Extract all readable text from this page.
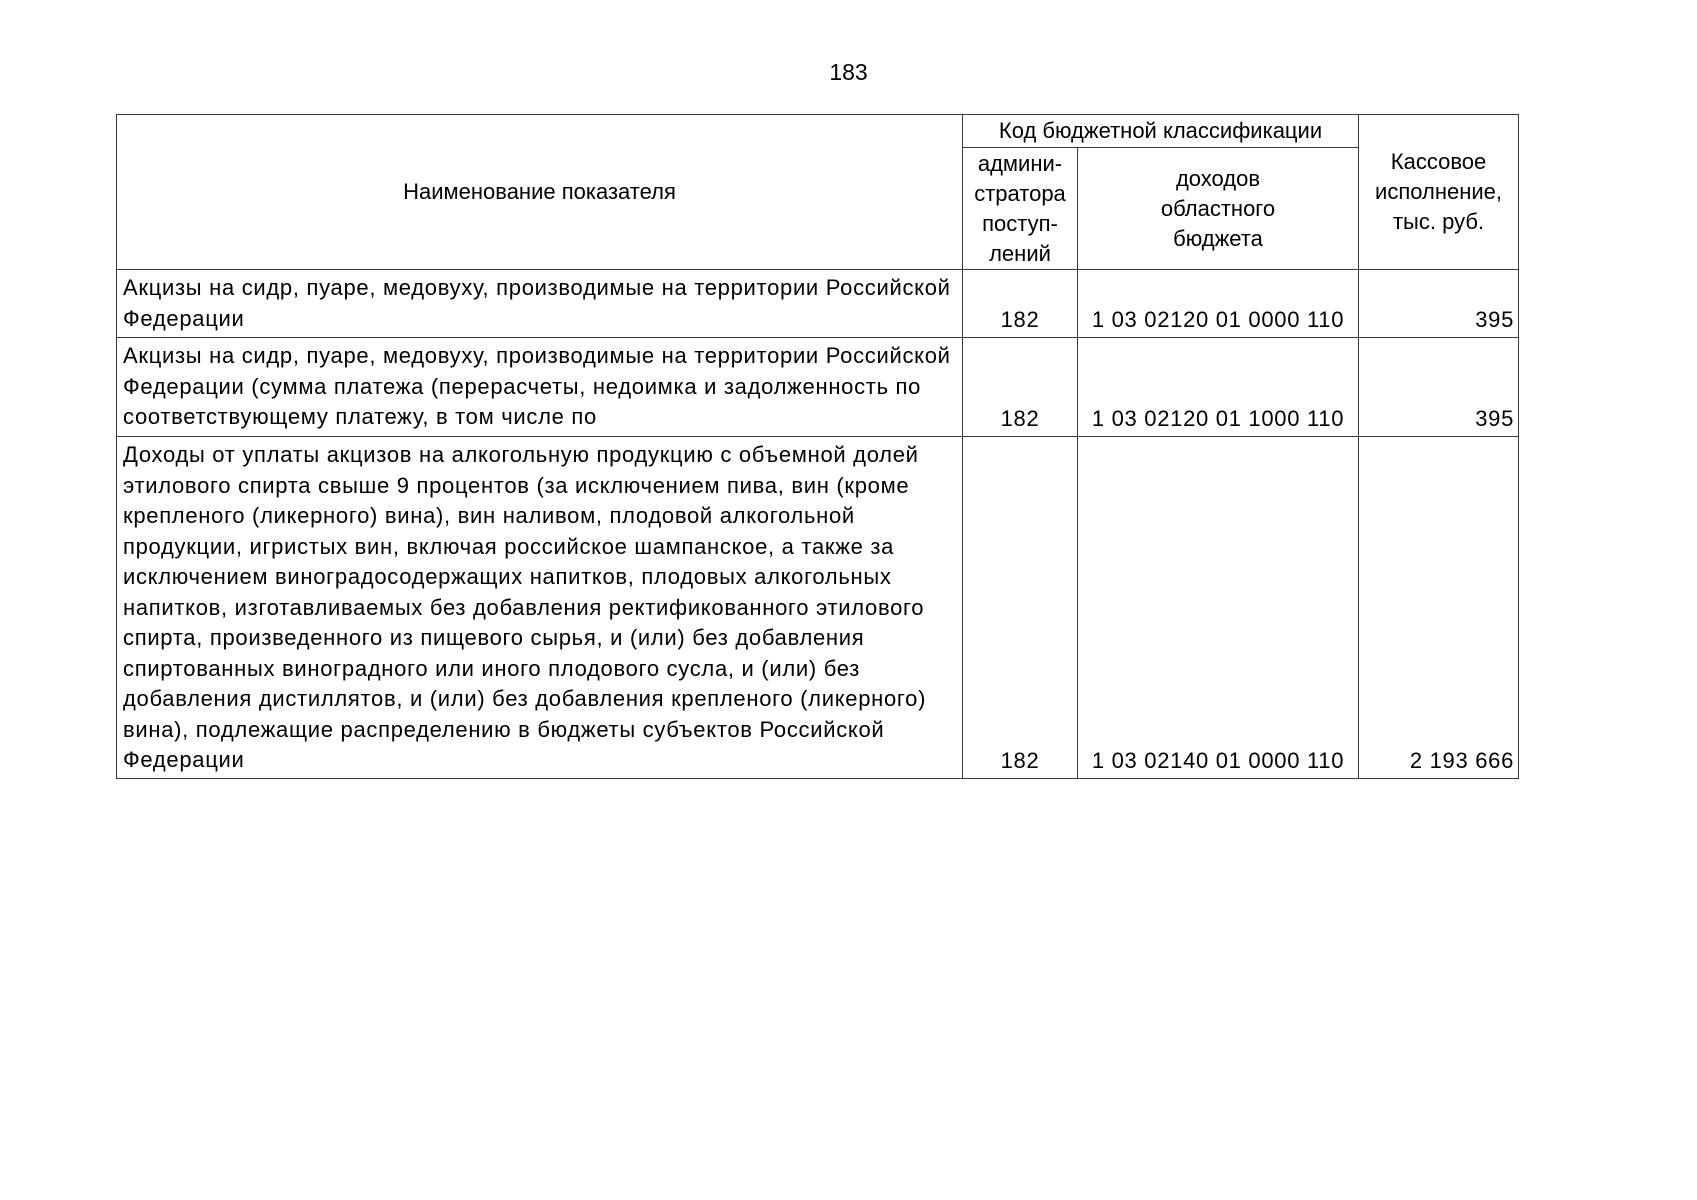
183
Наименование показателя	Код бюджетной классификации		Кассовое
исполнение,
тыс. руб.
	админи-
стратора
поступ-
лений	доходов
областного
бюджета	
Акцизы на сидр, пуаре, медовуху, производимые на территории Российской Федерации	182	1 03 02120 01 0000 110	395

Акцизы на сидр, пуаре, медовуху, производимые на территории Российской Федерации (сумма платежа (перерасчеты, недоимка и задолженность по соответствующему платежу, в том числе по	182	1 03 02120 01 1000 110	395
Доходы от уплаты акцизов на алкогольную продукцию с объемной долей этилового спирта свыше 9 процентов (за исключением пива, вин (кроме крепленого (ликерного) вина), вин наливом, плодовой алкогольной продукции, игристых вин, включая российское шампанское, а также за исключением виноградосодержащих напитков, плодовых алкогольных напитков, изготавливаемых без добавления ректификованного этилового спирта, произведенного из пищевого сырья, и (или) без добавления спиртованных виноградного или иного плодового сусла, и (или) без добавления дистиллятов, и (или) без добавления крепленого (ликерного) вина), подлежащие распределению в бюджеты субъектов Российской Федерации	182	1 03 02140 01 0000 110	2 193 666
